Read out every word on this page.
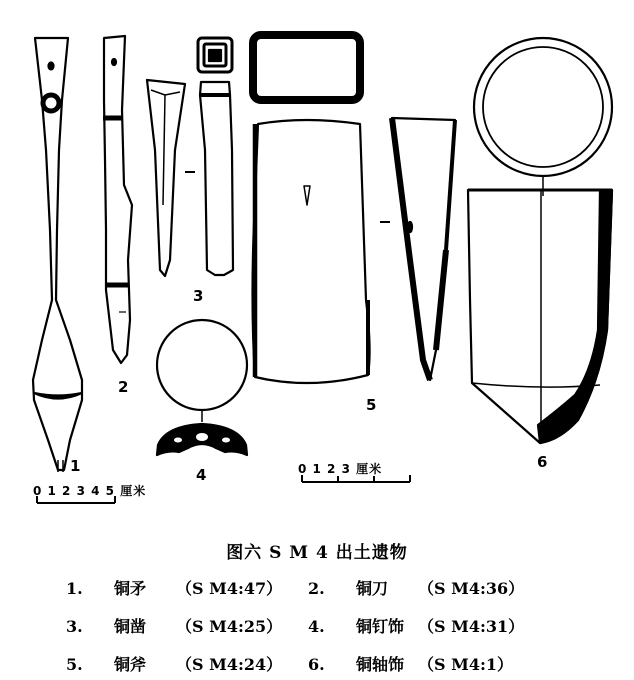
1
2
3
4
5
6
0 1 2 3 4 5 厘米
0 1 2 3 厘米
图六 S M 4 出土遗物
1. 铜矛 （S M4:47） 2. 铜刀 （S M4:36）
3. 铜凿 （S M4:25） 4. 铜钉饰 （S M4:31）
5. 铜斧 （S M4:24） 6. 铜轴饰 （S M4:1）
